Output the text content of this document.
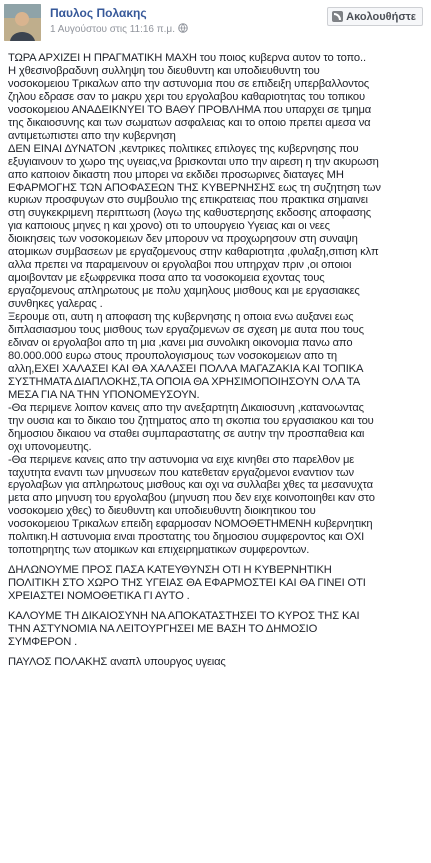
Παυλος Πολακης
1 Αυγούστου στις 11:16 π.μ.
Ακολουθήστε

ΤΩΡΑ ΑΡΧΙΖΕΙ Η ΠΡΑΓΜΑΤΙΚΗ ΜΑΧΗ του ποιος κυβερνα αυτον το τοπο..
Η χθεσινοβραδυνη συλληψη του διευθυντη και υποδιευθυντη του
νοσοκομειου Τρικαλων απο την αστυνομια που σε επιδειξη υπερβαλλοντος
ζηλου εδρασε σαν το μακρυ χερι του εργολαβου καθαριοτητας του τοπικου
νοσοκομειου ΑΝΑΔΕΙΚΝΥΕΙ ΤΟ ΒΑΘΥ ΠΡΟΒΛΗΜΑ που υπαρχει σε τμημα
της δικαιοσυνης και των σωματων ασφαλειας και το οποιο πρεπει αμεσα να
αντιμετωπιστει απο την κυβερνηση
ΔΕΝ ΕΙΝΑΙ ΔΥΝΑΤΟΝ ,κεντρικες πολιτικες επιλογες της κυβερνησης που
εξυγιαινουν το χωρο της υγειας,να βρισκονται υπο την αιρεση η την ακυρωση
απο καποιον δικαστη που μπορει να εκδιδει προσωρινες διαταγες ΜΗ
ΕΦΑΡΜΟΓΗΣ ΤΩΝ ΑΠΟΦΑΣΕΩΝ ΤΗΣ ΚΥΒΕΡΝΗΣΗΣ εως τη συζητηση των
κυριων προσφυγων στο συμβουλιο της επικρατειας που πρακτικα σημαινει
στη συγκεκριμενη περιπτωση (λογω της καθυστερησης εκδοσης αποφασης
για καποιους μηνες η και χρονο) οτι το υπουργειο Υγειας και οι νεες
διοικησεις των νοσοκομειων δεν μπορουν να προχωρησουν στη συναψη
ατομικων συμβασεων με εργαζομενους στην καθαριοτητα ,φυλαξη,σιτιση κλπ
αλλα πρεπει να παραμεινουν οι εργολαβοι που υπηρχαν πριν ,οι οποιοι
αμοιβονταν με εξωφρενικα ποσα απο τα νοσοκομεια εχοντας τους
εργαζομενους απληρωτους με πολυ χαμηλους μισθους και με εργασιακες
συνθηκες γαλερας .

Ξερουμε οτι, αυτη η αποφαση της κυβερνησης η οποια ενω αυξανει εως
διπλασιασμου τους μισθους των εργαζομενων σε σχεση με αυτα που τους
εδιναν οι εργολαβοι απο τη μια ,κανει μια συνολικη οικονομια πανω απο
80.000.000 ευρω στους προυπολογισμους των νοσοκομειων απο τη
αλλη,ΕΧΕΙ ΧΑΛΑΣΕΙ ΚΑΙ ΘΑ ΧΑΛΑΣΕΙ ΠΟΛΛΑ ΜΑΓΑΖΑΚΙΑ ΚΑΙ ΤΟΠΙΚΑ
ΣΥΣΤΗΜΑΤΑ ΔΙΑΠΛΟΚΗΣ,ΤΑ ΟΠΟΙΑ ΘΑ ΧΡΗΣΙΜΟΠΟΙΗΣΟΥΝ ΟΛΑ ΤΑ
ΜΕΣΑ ΓΙΑ ΝΑ ΤΗΝ ΥΠΟΝΟΜΕΥΣΟΥΝ.
-Θα περιμενε λοιπον κανεις απο την ανεξαρτητη Δικαιοσυνη ,κατανοωντας
την ουσια και το δικαιο του ζητηματος απο τη σκοπια του εργασιακου και του
δημοσιου δικαιου να σταθει συμπαραστατης σε αυτην την προσπαθεια και
οχι υπονομευτης.
-Θα περιμενε κανεις απο την αστυνομια να ειχε κινηθει στο παρελθον με
ταχυτητα εναντι των μηνυσεων που κατεθεταν εργαζομενοι εναντιον των
εργολαβων για απληρωτους μισθους και οχι να συλλαβει χθες τα μεσανυχτα
μετα απο μηνυση του εργολαβου (μηνυση που δεν ειχε κοινοποιηθει καν στο
νοσοκομειο χθες) το διευθυντη και υποδιευθυντη διοικητικου του
νοσοκομειου Τρικαλων επειδη εφαρμοσαν ΝΟΜΟΘΕΤΗΜΕΝΗ κυβερνητικη
πολιτικη.Η αστυνομια ειναι προστατης του δημοσιου συμφεροντος και ΟΧΙ
τοποτηρητης των ατομικων και επιχειρηματικων συμφεροντων.

ΔΗΛΩΝΟΥΜΕ ΠΡΟΣ ΠΑΣΑ ΚΑΤΕΥΘΥΝΣΗ ΟΤΙ Η ΚΥΒΕΡΝΗΤΙΚΗ
ΠΟΛΙΤΙΚΗ ΣΤΟ ΧΩΡΟ ΤΗΣ ΥΓΕΙΑΣ ΘΑ ΕΦΑΡΜΟΣΤΕΙ ΚΑΙ ΘΑ ΓΙΝΕΙ ΟΤΙ
ΧΡΕΙΑΣΤΕΙ ΝΟΜΟΘΕΤΙΚΑ ΓΙ ΑΥΤΟ .

ΚΑΛΟΥΜΕ ΤΗ ΔΙΚΑΙΟΣΥΝΗ ΝΑ ΑΠΟΚΑΤΑΣΤΗΣΕΙ ΤΟ ΚΥΡΟΣ ΤΗΣ ΚΑΙ
ΤΗΝ ΑΣΤΥΝΟΜΙΑ ΝΑ ΛΕΙΤΟΥΡΓΗΣΕΙ ΜΕ ΒΑΣΗ ΤΟ ΔΗΜΟΣΙΟ
ΣΥΜΦΕΡΟΝ .

ΠΑΥΛΟΣ ΠΟΛΑΚΗΣ αναπλ υπουργος υγειας
